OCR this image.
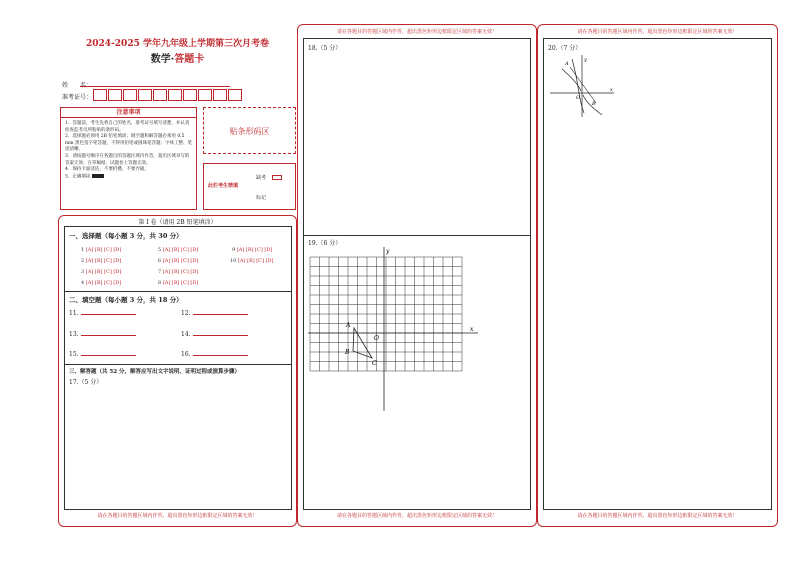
2024-2025 学年九年级上学期第三次月考卷
数学·答题卡
姓　　名：
准考证号：
注意事项
1．答题前，考生先将自己的姓名，准考证号填写清楚，并认真检查监考员所粘贴的条形码。
2．选择题必须用 2B 铅笔填涂；填空题和解答题必须用 0.5 mm 黑色签字笔答题，不得用铅笔或圆珠笔答题；字体工整、笔迹清晰。
3．请按题号顺序在各题目的答题区域内作答，超出区域书写的答案无效；在草稿纸、试题卷上答题无效。
4．保持卡面清洁，不要折叠、不要弄破。
5．正确填涂
贴条形码区
此栏考生禁填
缺考
标记
第 I 卷（请用 2B 铅笔填涂）
一、选择题（每小题 3 分，共 30 分）
1 [A] [B] [C] [D]
2 [A] [B] [C] [D]
3 [A] [B] [C] [D]
4 [A] [B] [C] [D]
5 [A] [B] [C] [D]
6 [A] [B] [C] [D]
7 [A] [B] [C] [D]
8 [A] [B] [C] [D]
9 [A] [B] [C] [D]
10 [A] [B] [C] [D]
二、填空题（每小题 3 分，共 18 分）
11.	12.
13.	14.
15.	16.
三、解答题（共 52 分，解答应写出文字说明、证明过程或演算步骤）
17.（5 分）
请在各题目的答题区域内作答，超出黑色矩形边框限定区域的答案无效！
请在各题目的答题区域内作答，超出黑色矩形边框限定区域的答案无效！
18.（5 分）
19.（6 分）
y
x
O
A
B
C
请在各题目的答题区域内作答，超出黑色矩形边框限定区域的答案无效！
请在各题目的答题区域内作答，超出黑色矩形边框限定区域的答案无效！
20.（7 分）
y
x
O
A
B
请在各题目的答题区域内作答，超出黑色矩形边框限定区域的答案无效！
